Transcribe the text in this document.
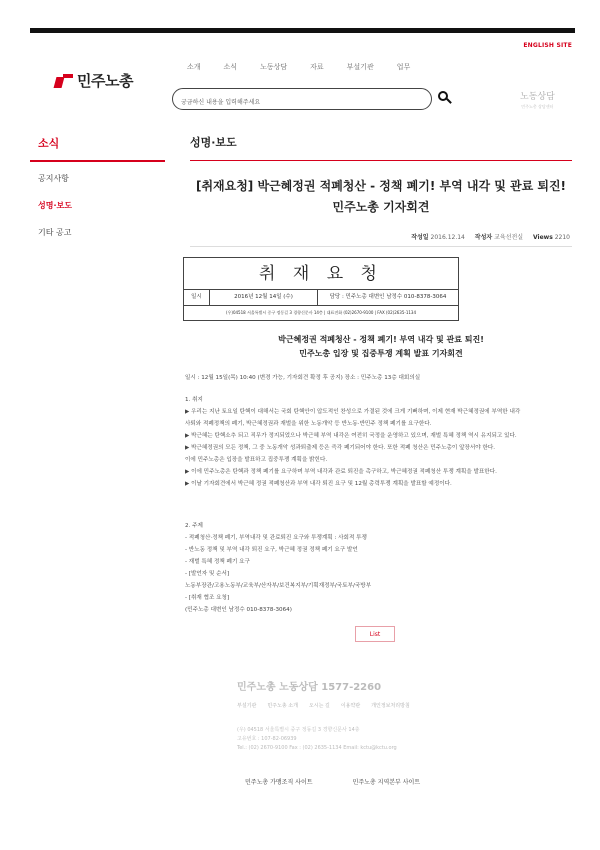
ENGLISH SITE
민주노총
소개	소식	노동상담	자료	부설기관	업무
궁금하신 내용을 입력해주세요
노동상담
민주노총 상담센터
소식
공지사항
성명·보도
기타 공고
성명·보도
[취재요청] 박근혜정권 적폐청산 - 정책 폐기! 부역 내각 및 관료 퇴진!
민주노총 기자회견
작성일 2016.12.14 작성자 교육선전실 Views 2210
취 재 요 청
일시	2016년 12월 14일 (수)	담당 : 민주노총 대변인 남정수 010-8378-3064
(우)04518 서울특별시 중구 정동길 3 경향신문사 14층 | 대표전화 (02)2670-9100 | FAX (02)2635-1134
박근혜정권 적폐청산 - 정책 폐기! 부역 내각 및 관료 퇴진!
민주노총 입장 및 집중투쟁 계획 발표 기자회견

일시 : 12월 15일(목) 10:40 (변경 가능, 기자회견 확정 후 공지) 장소 : 민주노총 13층 대회의실

1. 취지

▶ 우리는 지난 토요일 탄핵이 대해서는 국회 탄핵안이 압도적인 찬성으로 가결된 것에 크게 기뻐하며, 이제 현재 박근혜정권에 부역한 내각

사퇴와 적폐정책의 폐기, 박근혜정권과 재벌을 위한 노동개악 등 반노동·반민주 정책 폐기를 요구한다.

▶ 박근혜는 탄핵소추 되고 직무가 정지되었으나 박근혜 부역 내각은 여전히 국정을 운영하고 있으며, 재벌 특혜 정책 역시 유지되고 있다.

▶ 박근혜정권의 모든 정책, 그 중 노동개악 성과퇴출제 등은 즉각 폐기되어야 한다. 또한 적폐 청산은 민주노총이 앞장서야 한다.

이에 민주노총은 입장을 발표하고 집중투쟁 계획을 밝힌다.

▶ 이에 민주노총은 탄핵과 정책 폐기를 요구하며 부역 내각과 관료 퇴진을 촉구하고, 박근혜정권 적폐청산 투쟁 계획을 발표한다.

▶ 이날 기자회견에서 박근혜 정권 적폐청산과 부역 내각 퇴진 요구 및 12월 총력투쟁 계획을 발표할 예정이다.

2. 주제

- 적폐청산·정책 폐기, 부역내각 및 관료퇴진 요구와 투쟁계획 : 사회적 투쟁

- 반노동 정책 및 부역 내각 퇴진 요구, 박근혜 정권 정책 폐기 요구 발언

- 재벌 특혜 정책 폐기 요구

- [발언자 및 순서]

노동부장관/고용노동부/교육부/산자부/보건복지부/기획재정부/국토부/국방부

- [취재 협조 요청]

(민주노총 대변인 남정수 010-8378-3064)

List
민주노총 노동상담 1577-2260
부설기관 민주노총 소개 오시는 길 이용약관 개인정보처리방침
(우) 04518 서울특별시 중구 정동길 3 경향신문사 14층
고유번호 : 107-82-06939
Tel.: (02) 2670-9100 Fax : (02) 2635-1134 Email: kctu@kctu.org
민주노총 가맹조직 사이트	민주노총 지역본부 사이트
